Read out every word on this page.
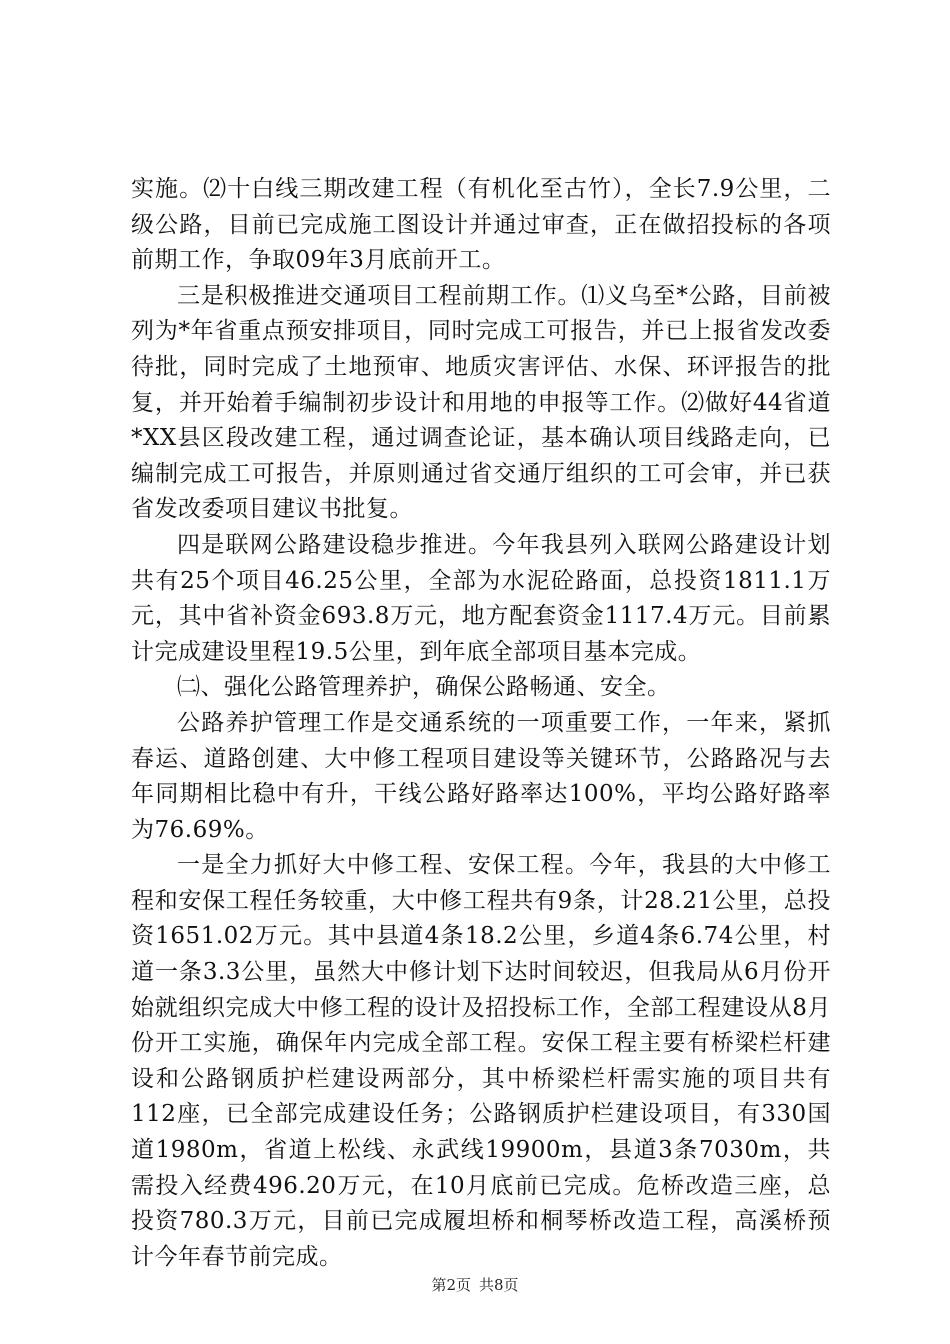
实施。⑵十白线三期改建工程（有机化至古竹），全长7.9公里，二级公路，目前已完成施工图设计并通过审查，正在做招投标的各项前期工作，争取09年3月底前开工。

三是积极推进交通项目工程前期工作。⑴义乌至*公路，目前被列为*年省重点预安排项目，同时完成工可报告，并已上报省发改委待批，同时完成了土地预审、地质灾害评估、水保、环评报告的批复，并开始着手编制初步设计和用地的申报等工作。⑵做好44省道*XX县区段改建工程，通过调查论证，基本确认项目线路走向，已编制完成工可报告，并原则通过省交通厅组织的工可会审，并已获省发改委项目建议书批复。

四是联网公路建设稳步推进。今年我县列入联网公路建设计划共有25个项目46.25公里，全部为水泥砼路面，总投资1811.1万元，其中省补资金693.8万元，地方配套资金1117.4万元。目前累计完成建设里程19.5公里，到年底全部项目基本完成。

㈡、强化公路管理养护，确保公路畅通、安全。

公路养护管理工作是交通系统的一项重要工作，一年来，紧抓春运、道路创建、大中修工程项目建设等关键环节，公路路况与去年同期相比稳中有升，干线公路好路率达100%，平均公路好路率为76.69%。

一是全力抓好大中修工程、安保工程。今年，我县的大中修工程和安保工程任务较重，大中修工程共有9条，计28.21公里，总投资1651.02万元。其中县道4条18.2公里，乡道4条6.74公里，村道一条3.3公里，虽然大中修计划下达时间较迟，但我局从6月份开始就组织完成大中修工程的设计及招投标工作，全部工程建设从8月份开工实施，确保年内完成全部工程。安保工程主要有桥梁栏杆建设和公路钢质护栏建设两部分，其中桥梁栏杆需实施的项目共有112座，已全部完成建设任务；公路钢质护栏建设项目，有330国道1980m，省道上松线、永武线19900m，县道3条7030m，共需投入经费496.20万元，在10月底前已完成。危桥改造三座，总投资780.3万元，目前已完成履坦桥和桐琴桥改造工程，高溪桥预计今年春节前完成。

第2页 共8页
